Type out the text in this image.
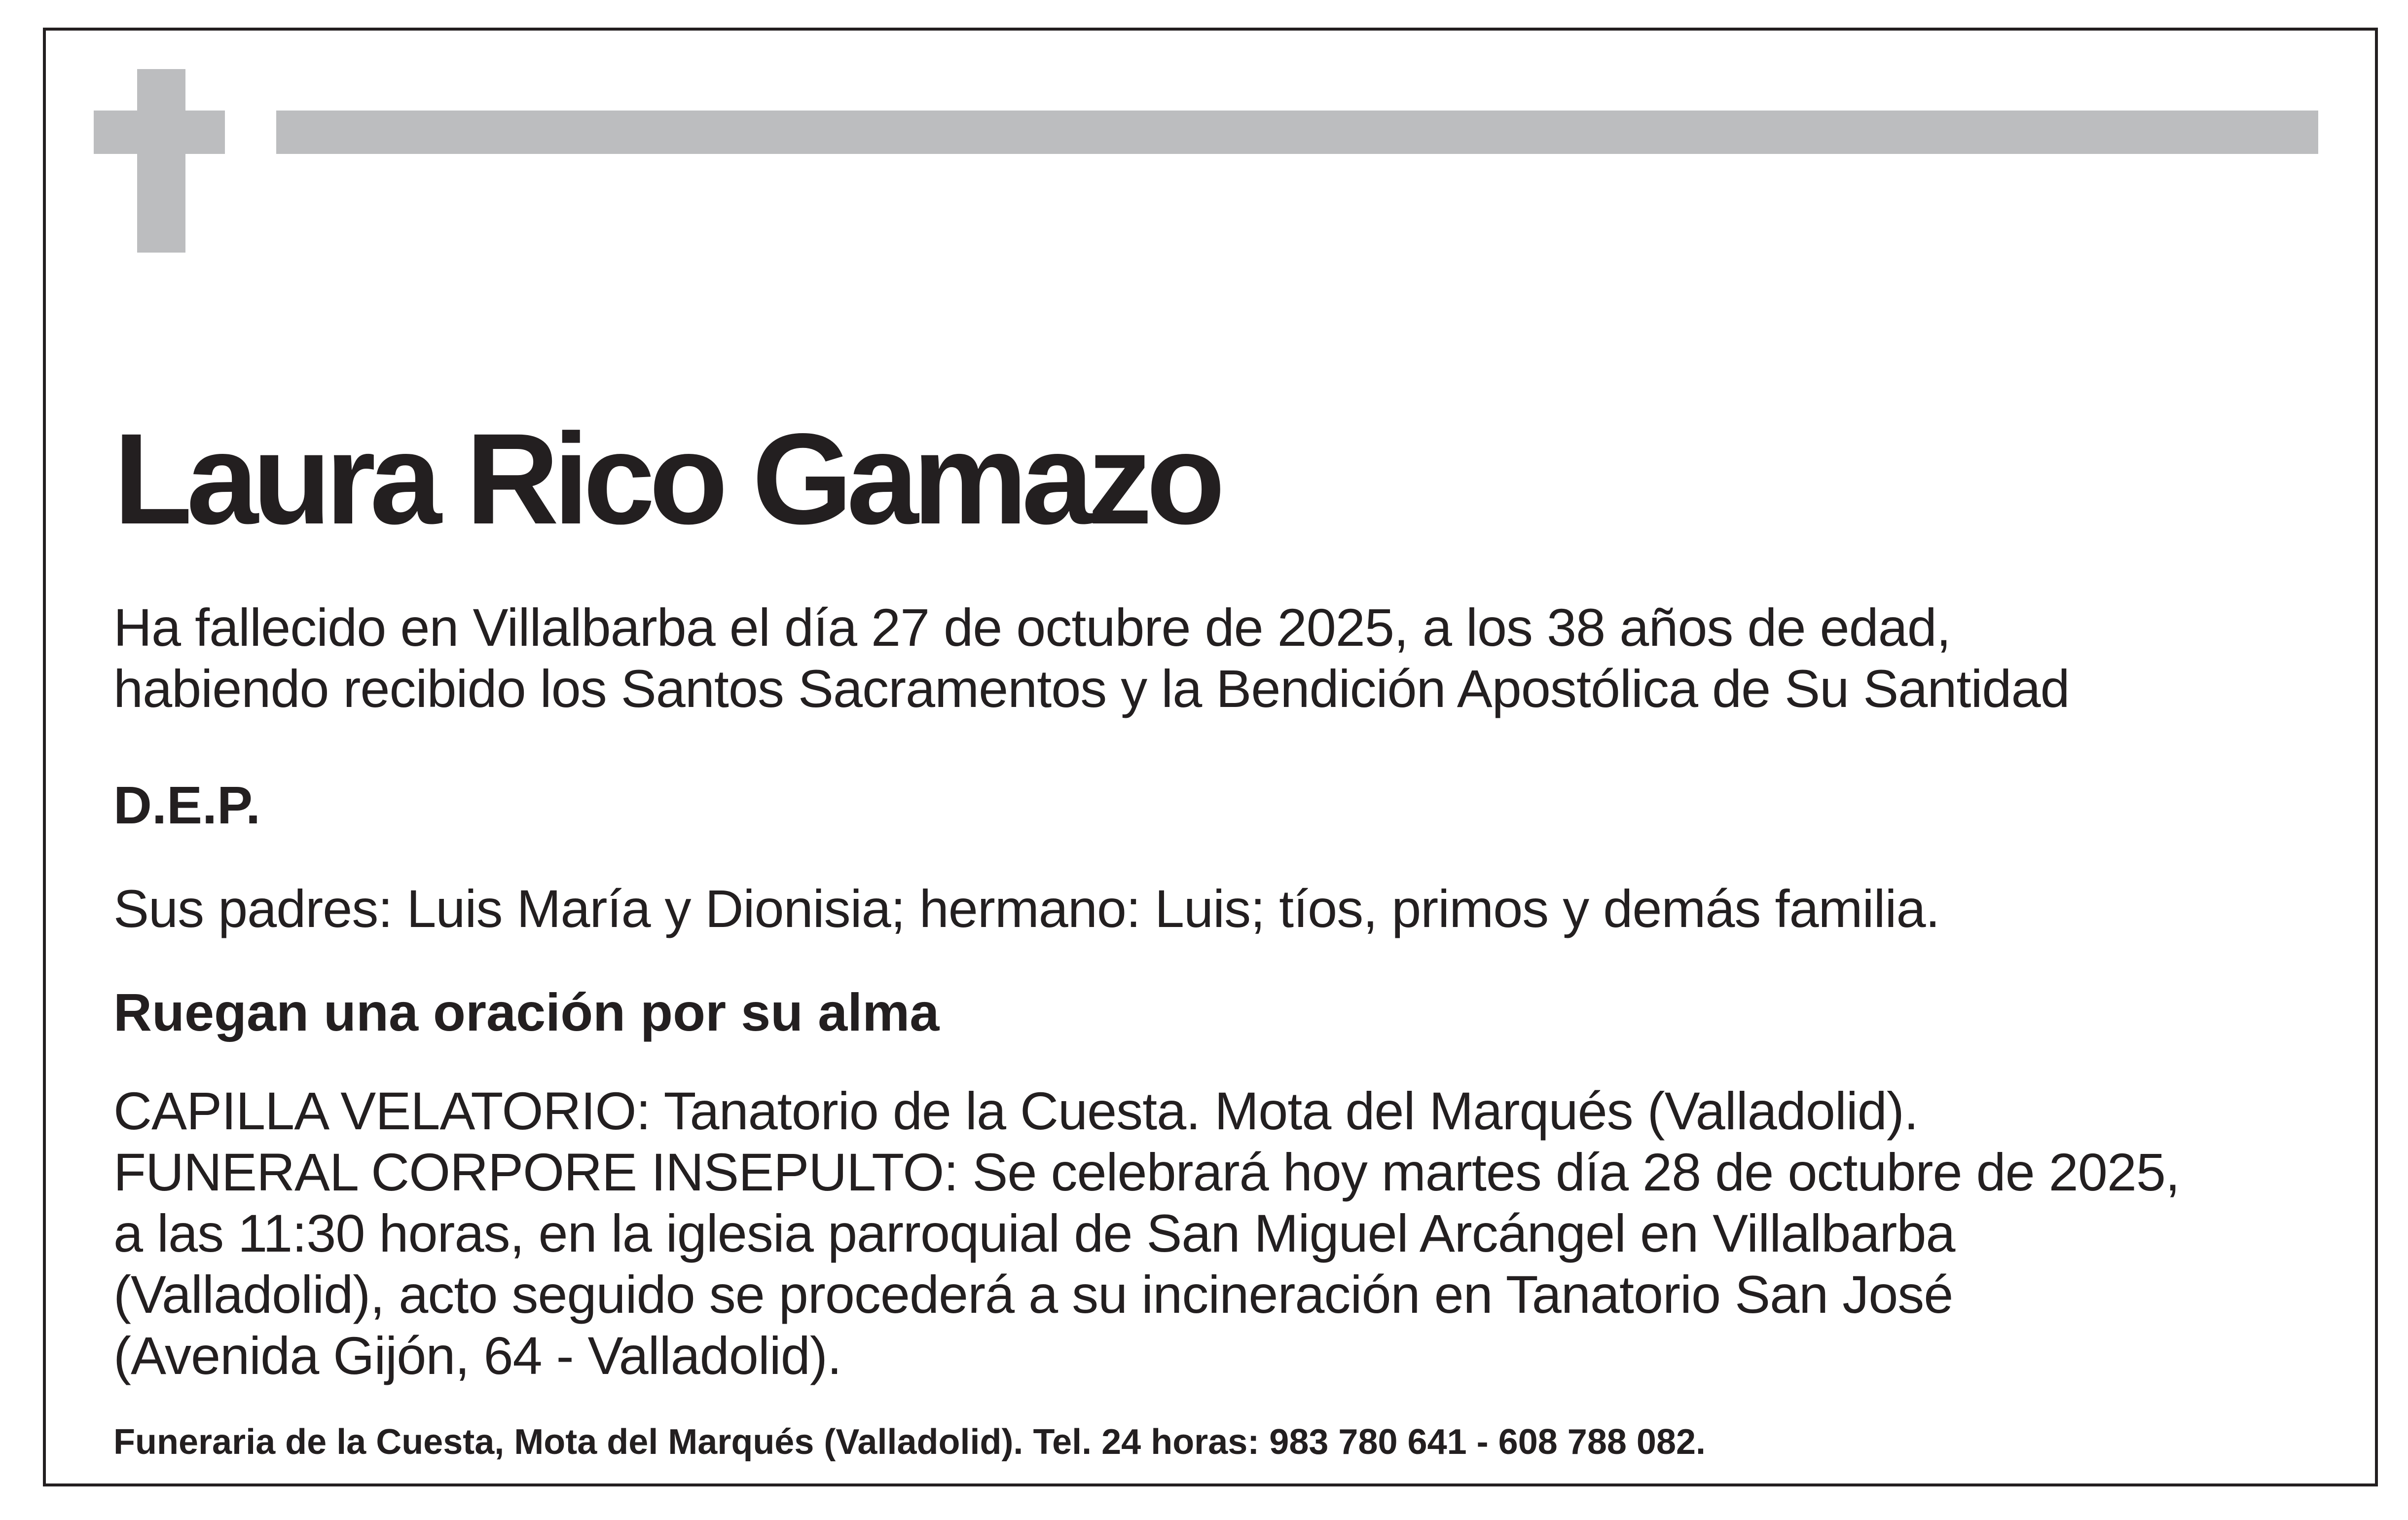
Laura Rico Gamazo

Ha fallecido en Villalbarba el día 27 de octubre de 2025, a los 38 años de edad,

habiendo recibido los Santos Sacramentos y la Bendición Apostólica de Su Santidad

D.E.P.

Sus padres: Luis María y Dionisia; hermano: Luis; tíos, primos y demás familia.

Ruegan una oración por su alma

CAPILLA VELATORIO: Tanatorio de la Cuesta. Mota del Marqués (Valladolid).

FUNERAL CORPORE INSEPULTO: Se celebrará hoy martes día 28 de octubre de 2025,

a las 11:30 horas, en la iglesia parroquial de San Miguel Arcángel en Villalbarba

(Valladolid), acto seguido se procederá a su incineración en Tanatorio San José

(Avenida Gijón, 64 - Valladolid).

Funeraria de la Cuesta, Mota del Marqués (Valladolid). Tel. 24 horas: 983 780 641 - 608 788 082.
